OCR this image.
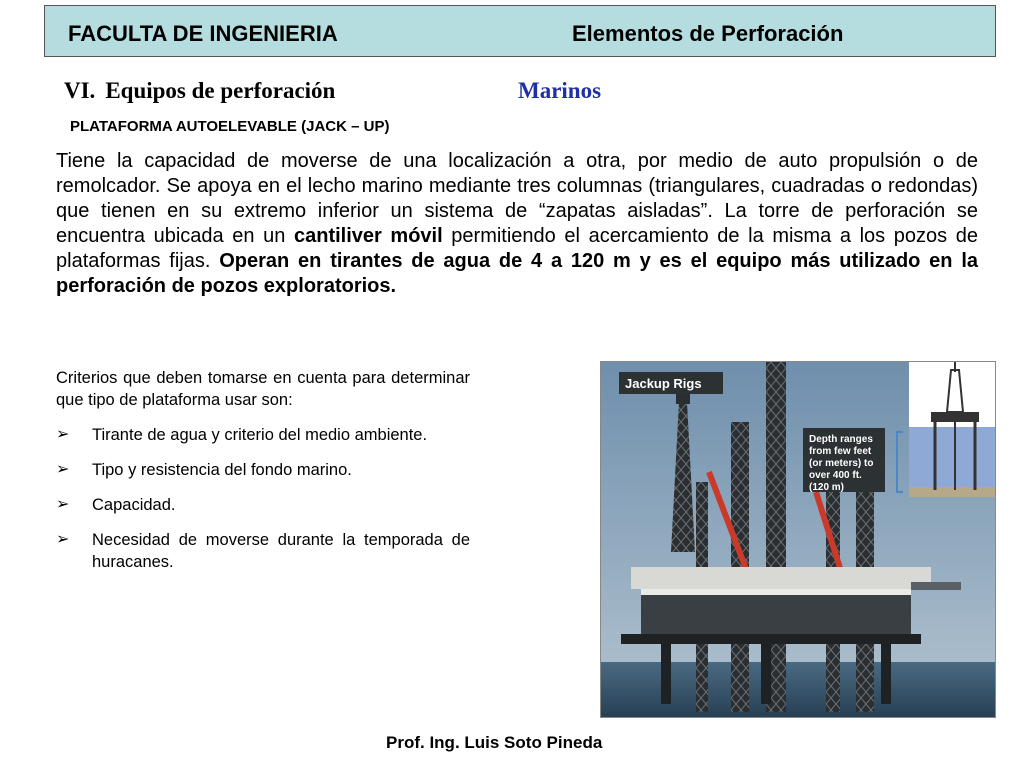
FACULTA DE INGENIERIA	Elementos de Perforación
VI. Equipos de perforación	Marinos
PLATAFORMA AUTOELEVABLE (JACK – UP)
Tiene la capacidad de moverse de una localización a otra, por medio de auto propulsión o de remolcador. Se apoya en el lecho marino mediante tres columnas (triangulares, cuadradas o redondas) que tienen en su extremo inferior un sistema de “zapatas aisladas”. La torre de perforación se encuentra ubicada en un cantiliver móvil permitiendo el acercamiento de la misma a los pozos de plataformas fijas. Operan en tirantes de agua de 4 a 120 m y es el equipo más utilizado en la perforación de pozos exploratorios.
Criterios que deben tomarse en cuenta para determinar que tipo de plataforma usar son:
➢ Tirante de agua y criterio del medio ambiente.
➢ Tipo y resistencia del fondo marino.
➢ Capacidad.
➢ Necesidad de moverse durante la temporada de huracanes.
Jackup Rigs
Depth ranges from few feet (or meters) to over 400 ft. (120 m)
Prof. Ing. Luis Soto Pineda
